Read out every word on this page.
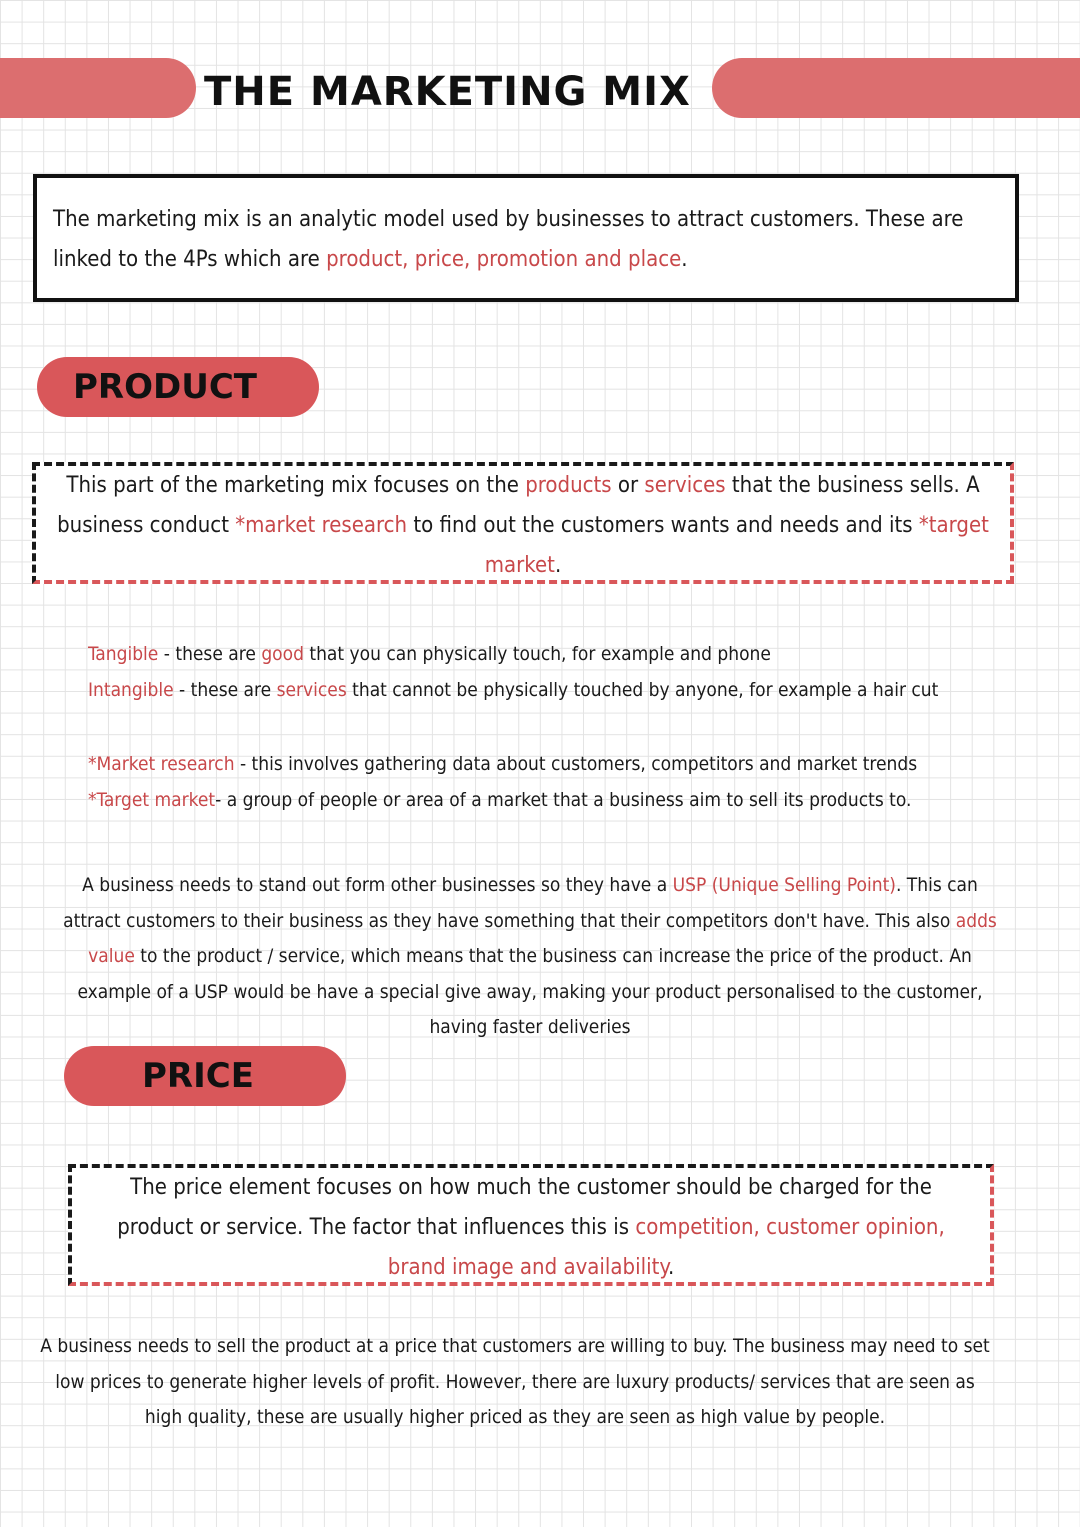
THE MARKETING MIX
The marketing mix is an analytic model used by businesses to attract customers. These are linked to the 4Ps which are product, price, promotion and place.
PRODUCT
This part of the marketing mix focuses on the products or services that the business sells. A business conduct *market research to find out the customers wants and needs and its *target market.
Tangible - these are good that you can physically touch, for example and phone
Intangible - these are services that cannot be physically touched by anyone, for example a hair cut
*Market research - this involves gathering data about customers, competitors and market trends
*Target market- a group of people or area of a market that a business aim to sell its products to.
A business needs to stand out form other businesses so they have a USP (Unique Selling Point). This can attract customers to their business as they have something that their competitors don't have. This also adds value to the product / service, which means that the business can increase the price of the product. An example of a USP would be have a special give away, making your product personalised to the customer, having faster deliveries
PRICE
The price element focuses on how much the customer should be charged for the product or service. The factor that influences this is competition, customer opinion, brand image and availability.
A business needs to sell the product at a price that customers are willing to buy. The business may need to set low prices to generate higher levels of profit. However, there are luxury products/ services that are seen as high quality, these are usually higher priced as they are seen as high value by people.
